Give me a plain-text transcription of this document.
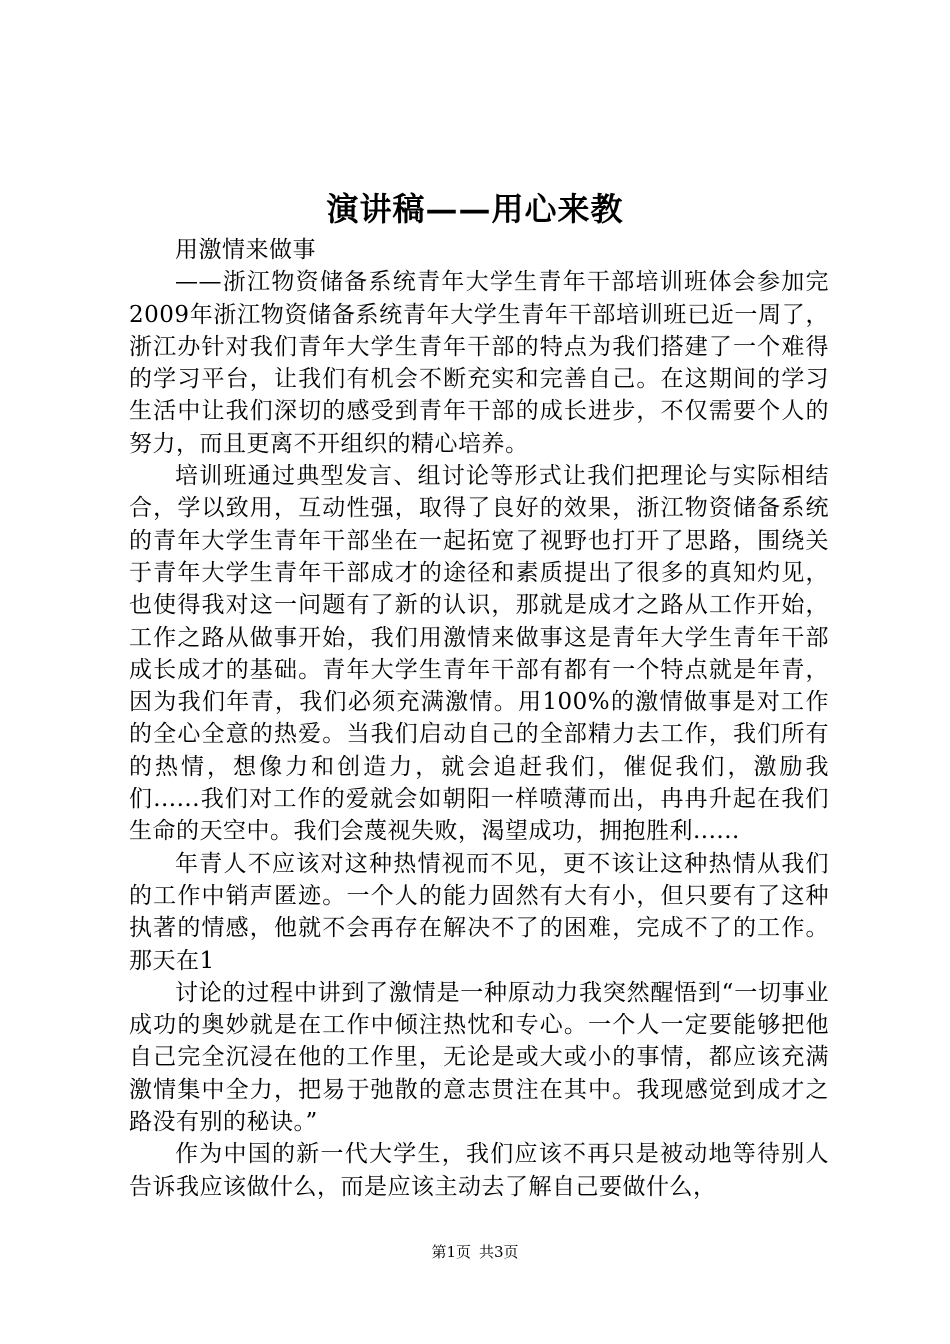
演讲稿——用心来教

用激情来做事

——浙江物资储备系统青年大学生青年干部培训班体会参加完2009年浙江物资储备系统青年大学生青年干部培训班已近一周了，浙江办针对我们青年大学生青年干部的特点为我们搭建了一个难得的学习平台，让我们有机会不断充实和完善自己。在这期间的学习生活中让我们深切的感受到青年干部的成长进步，不仅需要个人的努力，而且更离不开组织的精心培养。

培训班通过典型发言、组讨论等形式让我们把理论与实际相结合，学以致用，互动性强，取得了良好的效果，浙江物资储备系统的青年大学生青年干部坐在一起拓宽了视野也打开了思路，围绕关于青年大学生青年干部成才的途径和素质提出了很多的真知灼见，也使得我对这一问题有了新的认识，那就是成才之路从工作开始，工作之路从做事开始，我们用激情来做事这是青年大学生青年干部成长成才的基础。青年大学生青年干部有都有一个特点就是年青，因为我们年青，我们必须充满激情。用100%的激情做事是对工作的全心全意的热爱。当我们启动自己的全部精力去工作，我们所有的热情，想像力和创造力，就会追赶我们，催促我们，激励我们......我们对工作的爱就会如朝阳一样喷薄而出，冉冉升起在我们生命的天空中。我们会蔑视失败，渴望成功，拥抱胜利......

年青人不应该对这种热情视而不见，更不该让这种热情从我们的工作中销声匿迹。一个人的能力固然有大有小，但只要有了这种执著的情感，他就不会再存在解决不了的困难，完成不了的工作。那天在1

讨论的过程中讲到了激情是一种原动力我突然醒悟到“一切事业成功的奥妙就是在工作中倾注热忱和专心。一个人一定要能够把他自己完全沉浸在他的工作里，无论是或大或小的事情，都应该充满激情集中全力，把易于弛散的意志贯注在其中。我现感觉到成才之路没有别的秘诀。”

作为中国的新一代大学生，我们应该不再只是被动地等待别人告诉我应该做什么，而是应该主动去了解自己要做什么，

第1页 共3页
